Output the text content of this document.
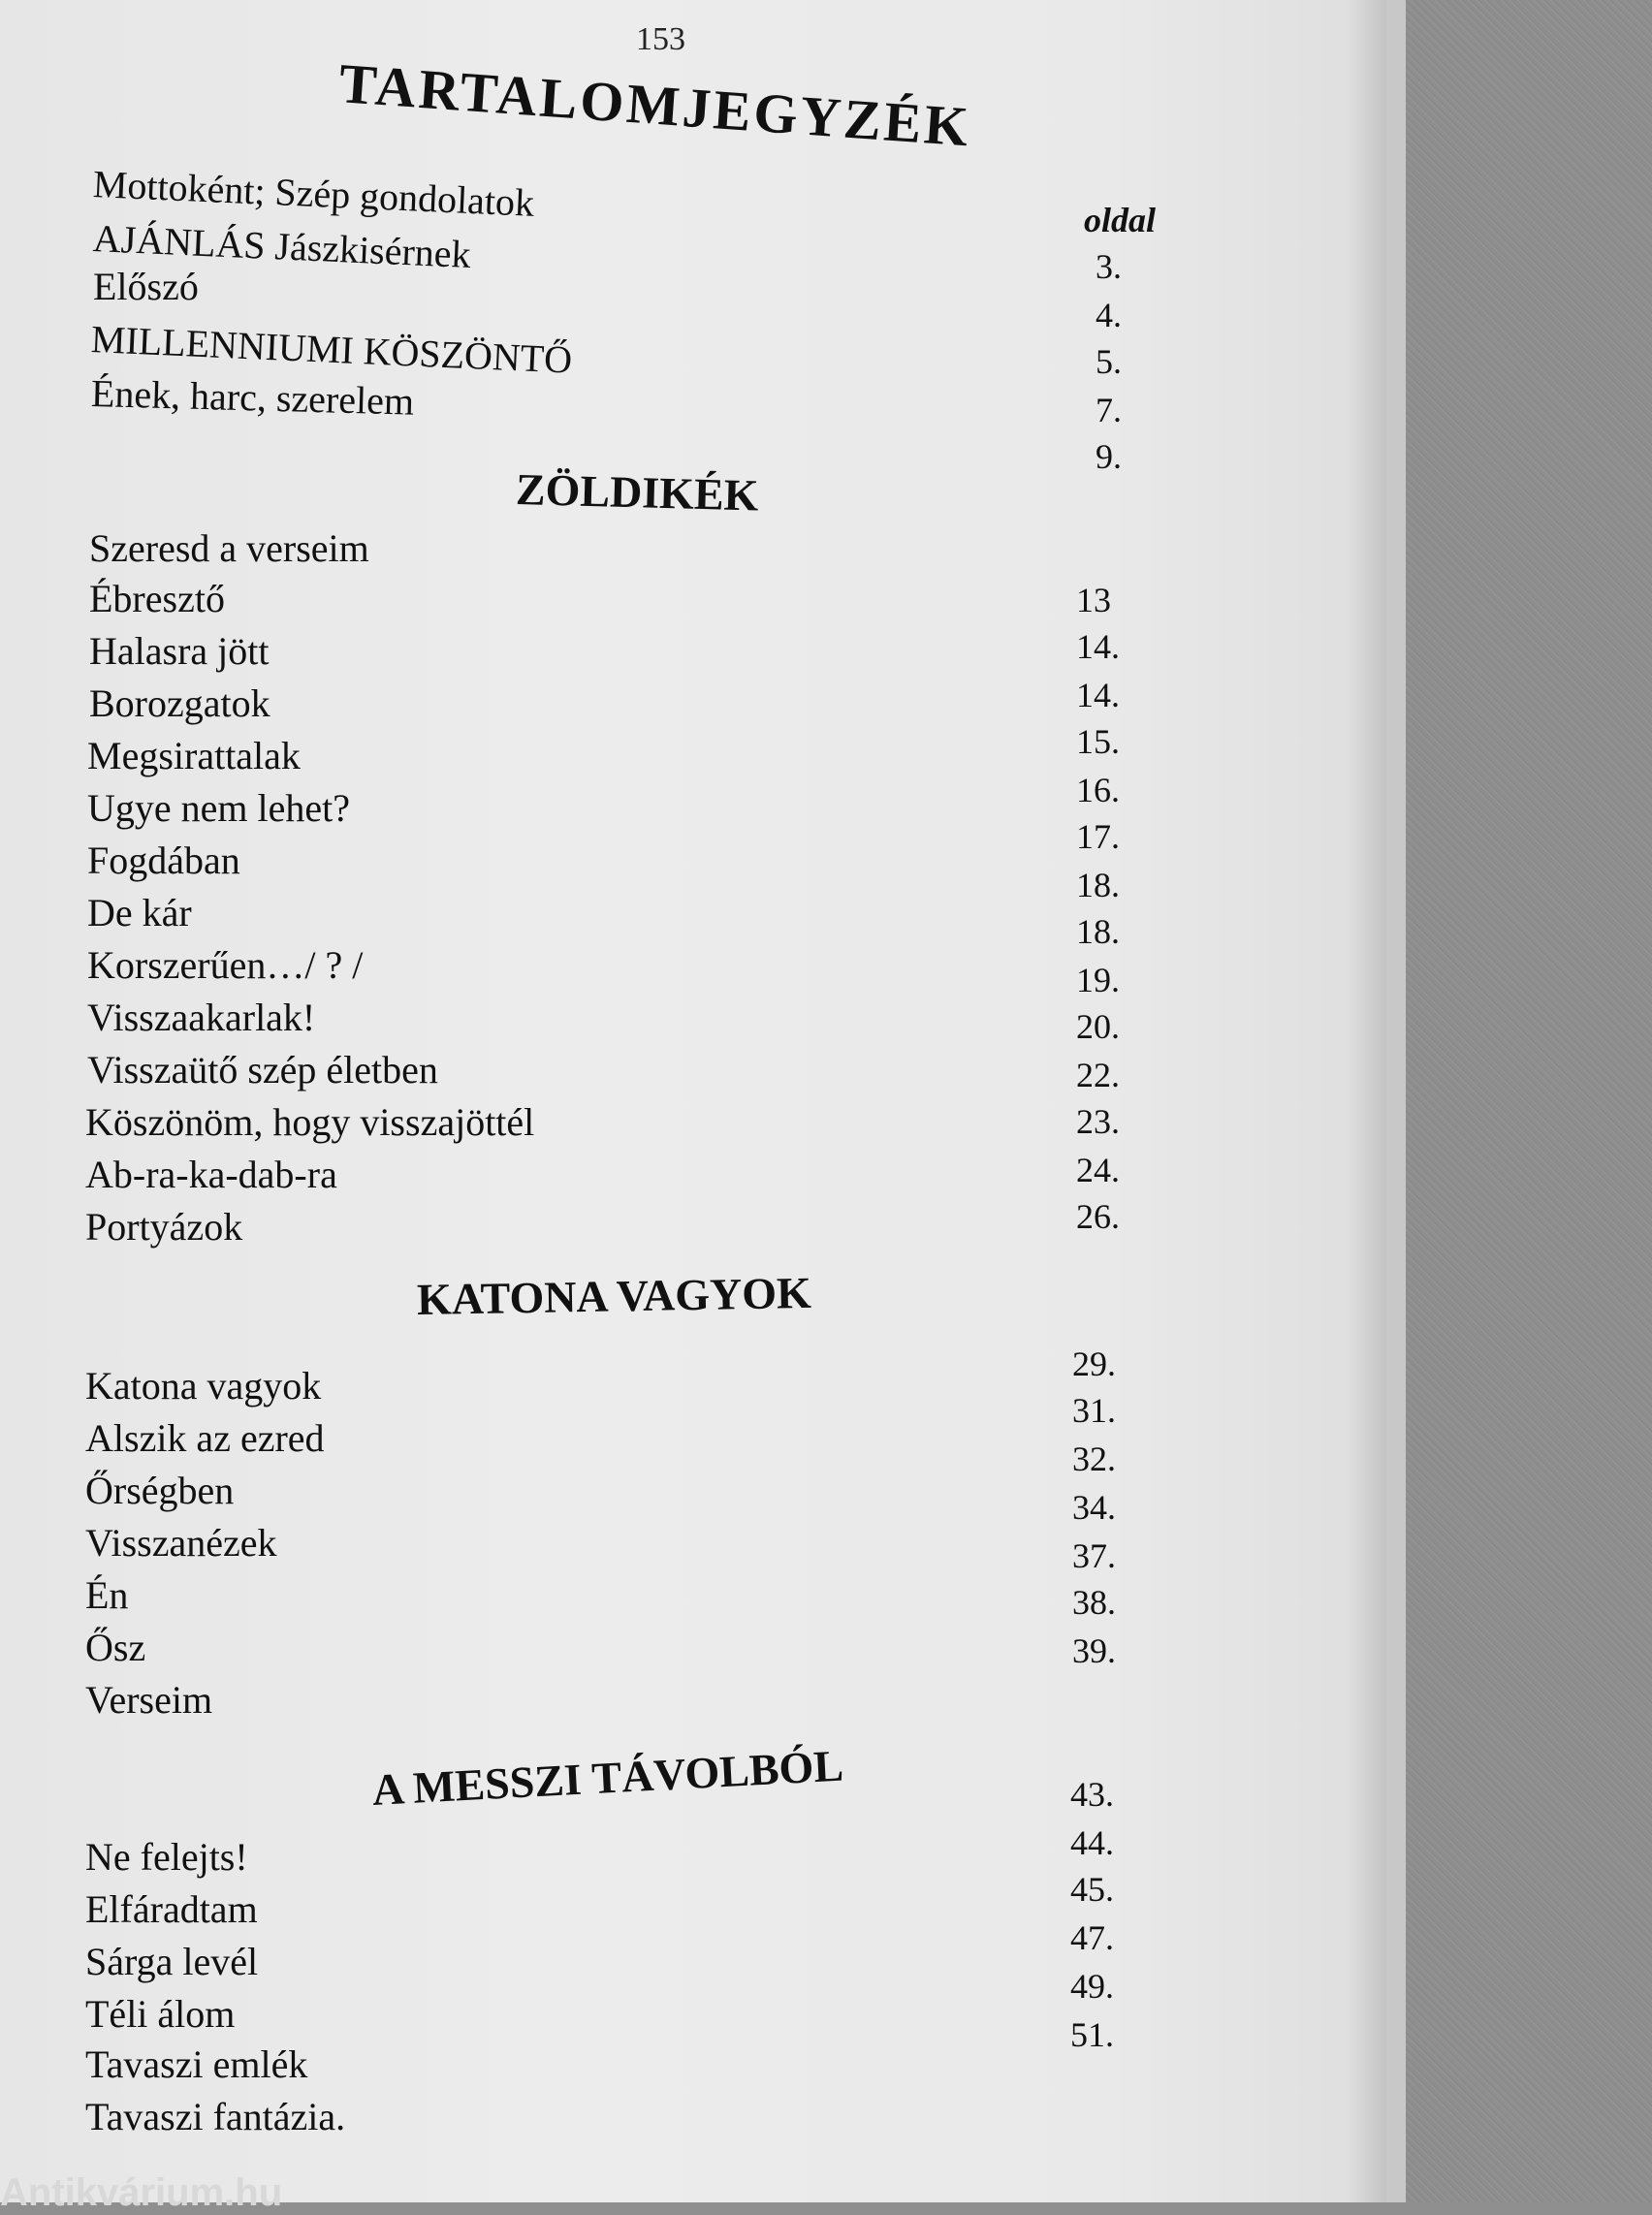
153
TARTALOMJEGYZÉK
oldal
Mottoként; Szép gondolatok
AJÁNLÁS Jászkisérnek
Előszó
MILLENNIUMI KÖSZÖNTŐ
Ének, harc, szerelem
3.
4.
5.
7.
9.
ZÖLDIKÉK
Szeresd a verseim
Ébresztő
Halasra jött
Borozgatok
Megsirattalak
Ugye nem lehet?
Fogdában
De kár
Korszerűen…/ ? /
Visszaakarlak!
Visszaütő szép életben
Köszönöm, hogy visszajöttél
Ab-ra-ka-dab-ra
Portyázok
13
14.
14.
15.
16.
17.
18.
18.
19.
20.
22.
23.
24.
26.
KATONA VAGYOK
Katona vagyok
Alszik az ezred
Őrségben
Visszanézek
Én
Ősz
Verseim
29.
31.
32.
34.
37.
38.
39.
A MESSZI TÁVOLBÓL
Ne felejts!
Elfáradtam
Sárga levél
Téli álom
Tavaszi emlék
Tavaszi fantázia.
43.
44.
45.
47.
49.
51.
Antikvárium.hu
